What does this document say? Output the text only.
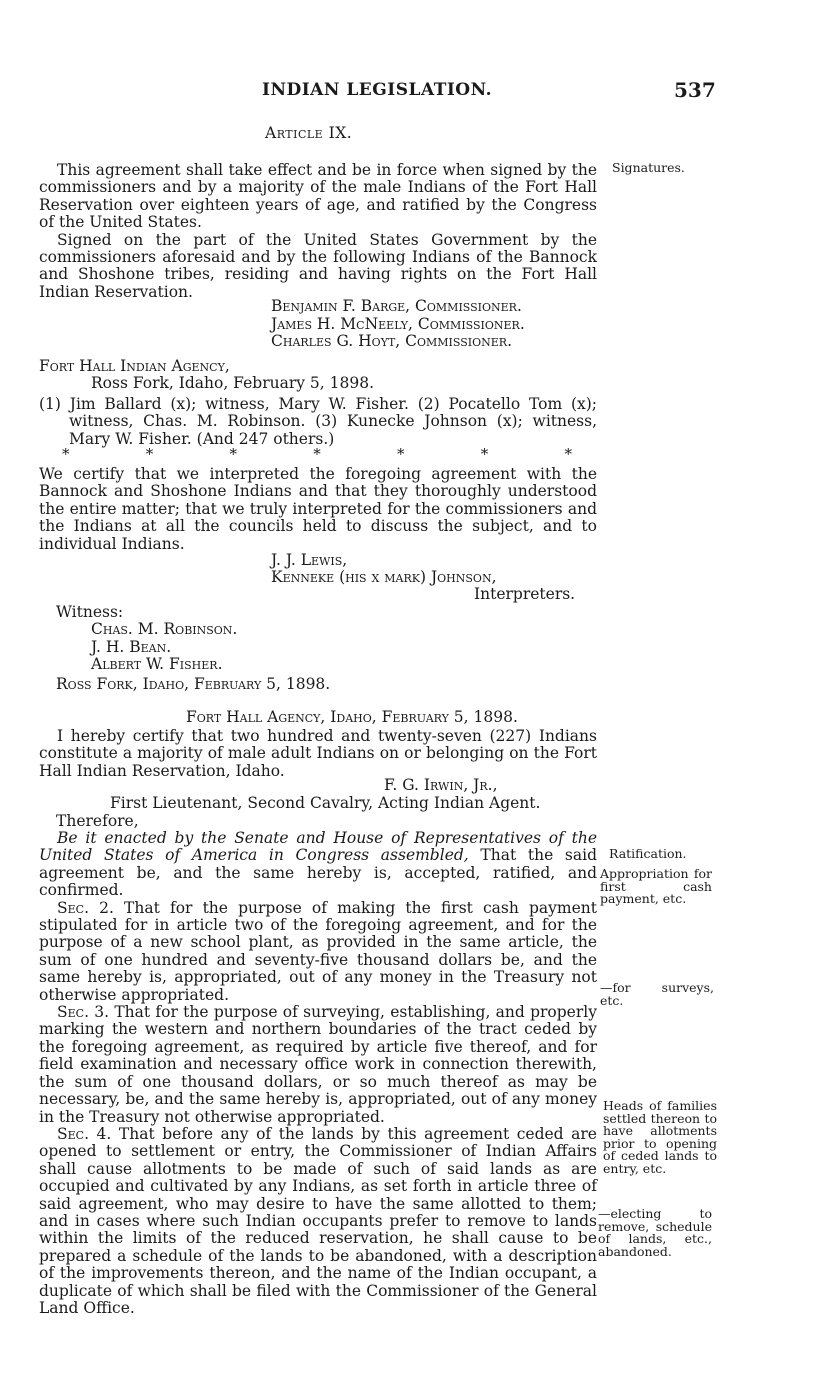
INDIAN LEGISLATION.	537
Article IX.

This agreement shall take effect and be in force when signed by the commissioners and by a majority of the male Indians of the Fort Hall Reservation over eighteen years of age, and ratified by the Congress of the United States.

Signed on the part of the United States Government by the commissioners aforesaid and by the following Indians of the Bannock and Shoshone tribes, residing and having rights on the Fort Hall Indian Reservation.

Signatures.
Benjamin F. Barge, Commissioner.
James H. McNeely, Commissioner.
Charles G. Hoyt, Commissioner.
Fort Hall Indian Agency,
Ross Fork, Idaho, February 5, 1898.

(1) Jim Ballard (x); witness, Mary W. Fisher. (2) Pocatello Tom (x); witness, Chas. M. Robinson. (3) Kunecke Johnson (x); witness, Mary W. Fisher. (And 247 others.)

*	*	*	*	*	*	*

We certify that we interpreted the foregoing agreement with the Bannock and Shoshone Indians and that they thoroughly understood the entire matter; that we truly interpreted for the commissioners and the Indians at all the councils held to discuss the subject, and to individual Indians.

J. J. Lewis,
Kenneke (his x mark) Johnson,
Interpreters.
Witness:
Chas. M. Robinson.
J. H. Bean.
Albert W. Fisher.
Ross Fork, Idaho, February 5, 1898.
Fort Hall Agency, Idaho, February 5, 1898.

I hereby certify that two hundred and twenty-seven (227) Indians constitute a majority of male adult Indians on or belonging on the Fort Hall Indian Reservation, Idaho.

F. G. Irwin, Jr.,
First Lieutenant, Second Cavalry, Acting Indian Agent.
Therefore,

Be it enacted by the Senate and House of Representatives of the United States of America in Congress assembled, That the said agreement be, and the same hereby is, accepted, ratified, and confirmed.

Sec. 2. That for the purpose of making the first cash payment stipulated for in article two of the foregoing agreement, and for the purpose of a new school plant, as provided in the same article, the sum of one hundred and seventy-five thousand dollars be, and the same hereby is, appropriated, out of any money in the Treasury not otherwise appropriated.

Sec. 3. That for the purpose of surveying, establishing, and properly marking the western and northern boundaries of the tract ceded by the foregoing agreement, as required by article five thereof, and for field examination and necessary office work in connection therewith, the sum of one thousand dollars, or so much thereof as may be necessary, be, and the same hereby is, appropriated, out of any money in the Treasury not otherwise appropriated.

Sec. 4. That before any of the lands by this agreement ceded are opened to settlement or entry, the Commissioner of Indian Affairs shall cause allotments to be made of such of said lands as are occupied and cultivated by any Indians, as set forth in article three of said agreement, who may desire to have the same allotted to them; and in cases where such Indian occupants prefer to remove to lands within the limits of the reduced reservation, he shall cause to be prepared a schedule of the lands to be abandoned, with a description of the improvements thereon, and the name of the Indian occupant, a duplicate of which shall be filed with the Commissioner of the General Land Office.

Ratification.
Appropriation for first cash payment, etc.
—for surveys, etc.
Heads of families settled thereon to have allotments prior to opening of ceded lands to entry, etc.
—electing to remove, schedule of lands, etc., abandoned.
